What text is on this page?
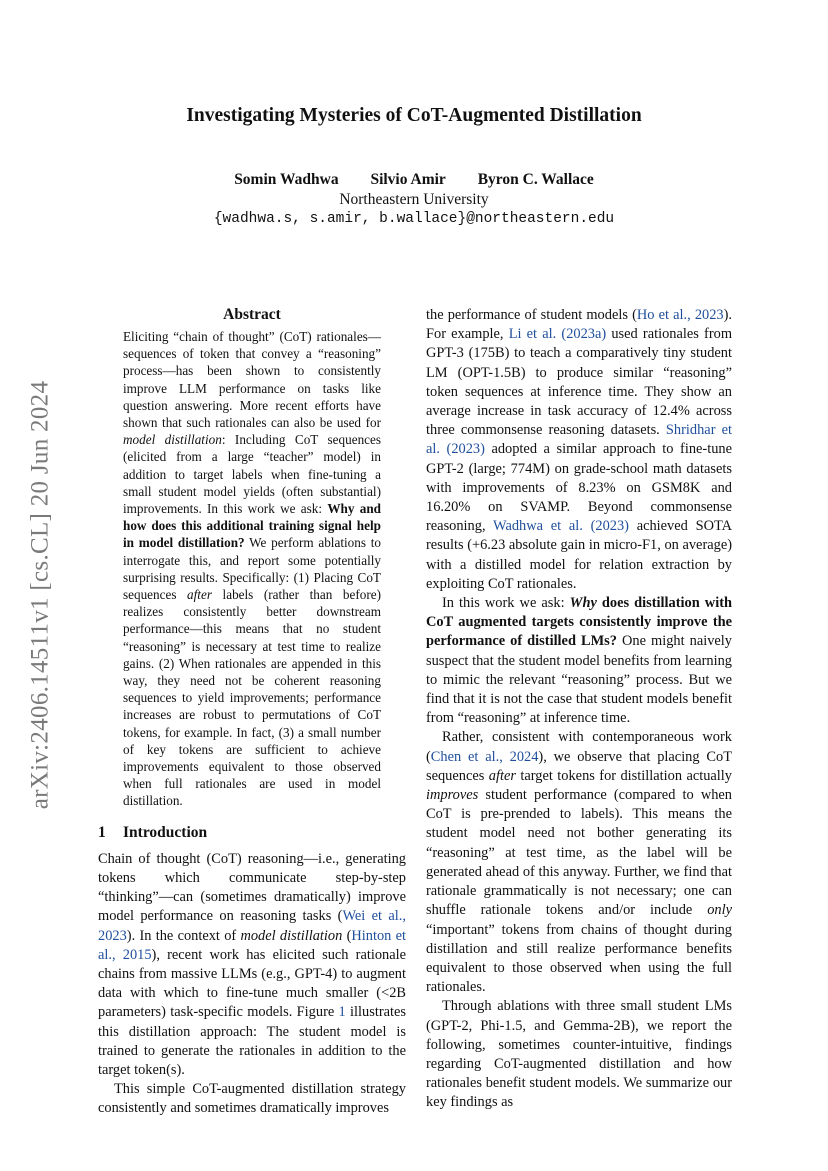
arXiv:2406.14511v1 [cs.CL] 20 Jun 2024
Investigating Mysteries of CoT-Augmented Distillation
Somin Wadhwa Silvio Amir Byron C. Wallace
Northeastern University
{wadhwa.s, s.amir, b.wallace}@northeastern.edu
Abstract

Eliciting “chain of thought” (CoT) rationales—sequences of token that convey a “reasoning” process—has been shown to consistently improve LLM performance on tasks like question answering. More recent efforts have shown that such rationales can also be used for model distillation: Including CoT sequences (elicited from a large “teacher” model) in addition to target labels when fine-tuning a small student model yields (often substantial) improvements. In this work we ask: Why and how does this additional training signal help in model distillation? We perform ablations to interrogate this, and report some potentially surprising results. Specifically: (1) Placing CoT sequences after labels (rather than before) realizes consistently better downstream performance—this means that no student “reasoning” is necessary at test time to realize gains. (2) When rationales are appended in this way, they need not be coherent reasoning sequences to yield improvements; performance increases are robust to permutations of CoT tokens, for example. In fact, (3) a small number of key tokens are sufficient to achieve improvements equivalent to those observed when full rationales are used in model distillation.

1 Introduction

Chain of thought (CoT) reasoning—i.e., generating tokens which communicate step-by-step “thinking”—can (sometimes dramatically) improve model performance on reasoning tasks (Wei et al., 2023). In the context of model distillation (Hinton et al., 2015), recent work has elicited such rationale chains from massive LLMs (e.g., GPT-4) to augment data with which to fine-tune much smaller (<2B parameters) task-specific models. Figure 1 illustrates this distillation approach: The student model is trained to generate the rationales in addition to the target token(s).

This simple CoT-augmented distillation strategy consistently and sometimes dramatically improves

the performance of student models (Ho et al., 2023). For example, Li et al. (2023a) used rationales from GPT-3 (175B) to teach a comparatively tiny student LM (OPT-1.5B) to produce similar “reasoning” token sequences at inference time. They show an average increase in task accuracy of 12.4% across three commonsense reasoning datasets. Shridhar et al. (2023) adopted a similar approach to fine-tune GPT-2 (large; 774M) on grade-school math datasets with improvements of 8.23% on GSM8K and 16.20% on SVAMP. Beyond commonsense reasoning, Wadhwa et al. (2023) achieved SOTA results (+6.23 absolute gain in micro-F1, on average) with a distilled model for relation extraction by exploiting CoT rationales.

In this work we ask: Why does distillation with CoT augmented targets consistently improve the performance of distilled LMs? One might naively suspect that the student model benefits from learning to mimic the relevant “reasoning” process. But we find that it is not the case that student models benefit from “reasoning” at inference time.

Rather, consistent with contemporaneous work (Chen et al., 2024), we observe that placing CoT sequences after target tokens for distillation actually improves student performance (compared to when CoT is pre-prended to labels). This means the student model need not bother generating its “reasoning” at test time, as the label will be generated ahead of this anyway. Further, we find that rationale grammatically is not necessary; one can shuffle rationale tokens and/or include only “important” tokens from chains of thought during distillation and still realize performance benefits equivalent to those observed when using the full rationales.

Through ablations with three small student LMs (GPT-2, Phi-1.5, and Gemma-2B), we report the following, sometimes counter-intuitive, findings regarding CoT-augmented distillation and how rationales benefit student models. We summarize our key findings as
